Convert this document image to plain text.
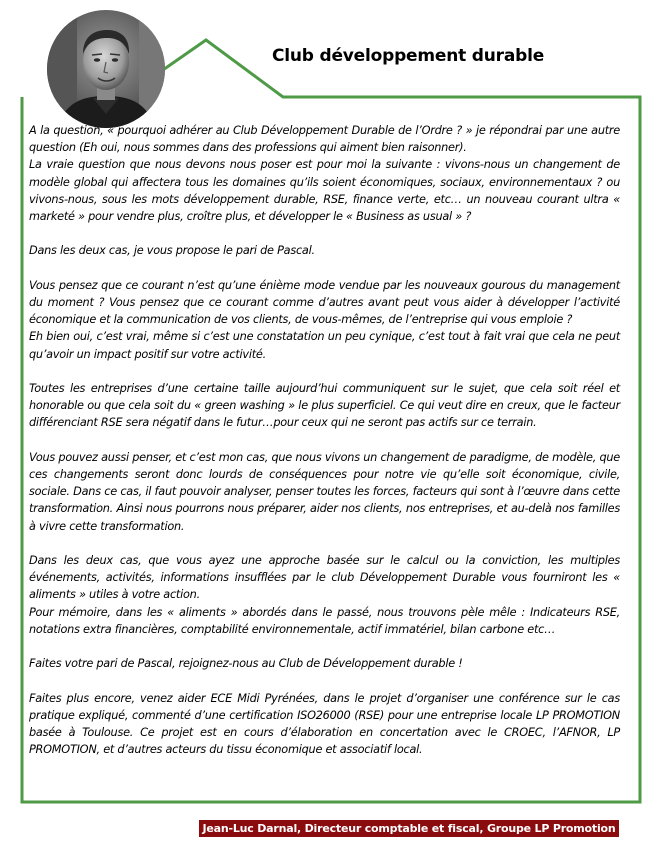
Club développement durable

A la question, « pourquoi adhérer au Club Développement Durable de l’Ordre ? » je répondrai par une autre question (Eh oui, nous sommes dans des professions qui aiment bien raisonner).
La vraie question que nous devons nous poser est pour moi la suivante : vivons-nous un changement de modèle global qui affectera tous les domaines qu’ils soient économiques, sociaux, environnementaux ? ou vivons-nous, sous les mots développement durable, RSE, finance verte, etc… un nouveau courant ultra « marketé » pour vendre plus, croître plus, et développer le « Business as usual » ?

Dans les deux cas, je vous propose le pari de Pascal.

Vous pensez que ce courant n’est qu’une énième mode vendue par les nouveaux gourous du management du moment ? Vous pensez que ce courant comme d’autres avant peut vous aider à développer l’activité économique et la communication de vos clients, de vous-mêmes, de l’entreprise qui vous emploie ?
Eh bien oui, c’est vrai, même si c’est une constatation un peu cynique, c’est tout à fait vrai que cela ne peut qu’avoir un impact positif sur votre activité.

Toutes les entreprises d’une certaine taille aujourd’hui communiquent sur le sujet, que cela soit réel et honorable ou que cela soit du « green washing » le plus superficiel. Ce qui veut dire en creux, que le facteur différenciant RSE sera négatif dans le futur…pour ceux qui ne seront pas actifs sur ce terrain.

Vous pouvez aussi penser, et c’est mon cas, que nous vivons un changement de paradigme, de modèle, que ces changements seront donc lourds de conséquences pour notre vie qu’elle soit économique, civile, sociale. Dans ce cas, il faut pouvoir analyser, penser toutes les forces, facteurs qui sont à l’œuvre dans cette transformation. Ainsi nous pourrons nous préparer, aider nos clients, nos entreprises, et au-delà nos familles à vivre cette transformation.

Dans les deux cas, que vous ayez une approche basée sur le calcul ou la conviction, les multiples événements, activités, informations insufflées par le club Développement Durable vous fourniront les « aliments » utiles à votre action.
Pour mémoire, dans les « aliments » abordés dans le passé, nous trouvons pèle mêle : Indicateurs RSE, notations extra financières, comptabilité environnementale, actif immatériel, bilan carbone etc…

Faites votre pari de Pascal, rejoignez-nous au Club de Développement durable !

Faites plus encore, venez aider ECE Midi Pyrénées, dans le projet d’organiser une conférence sur le cas pratique expliqué, commenté d’une certification ISO26000 (RSE) pour une entreprise locale LP PROMOTION basée à Toulouse. Ce projet est en cours d’élaboration en concertation avec le CROEC, l’AFNOR, LP PROMOTION, et d’autres acteurs du tissu économique et associatif local.

Jean-Luc Darnal, Directeur comptable et fiscal, Groupe LP Promotion
